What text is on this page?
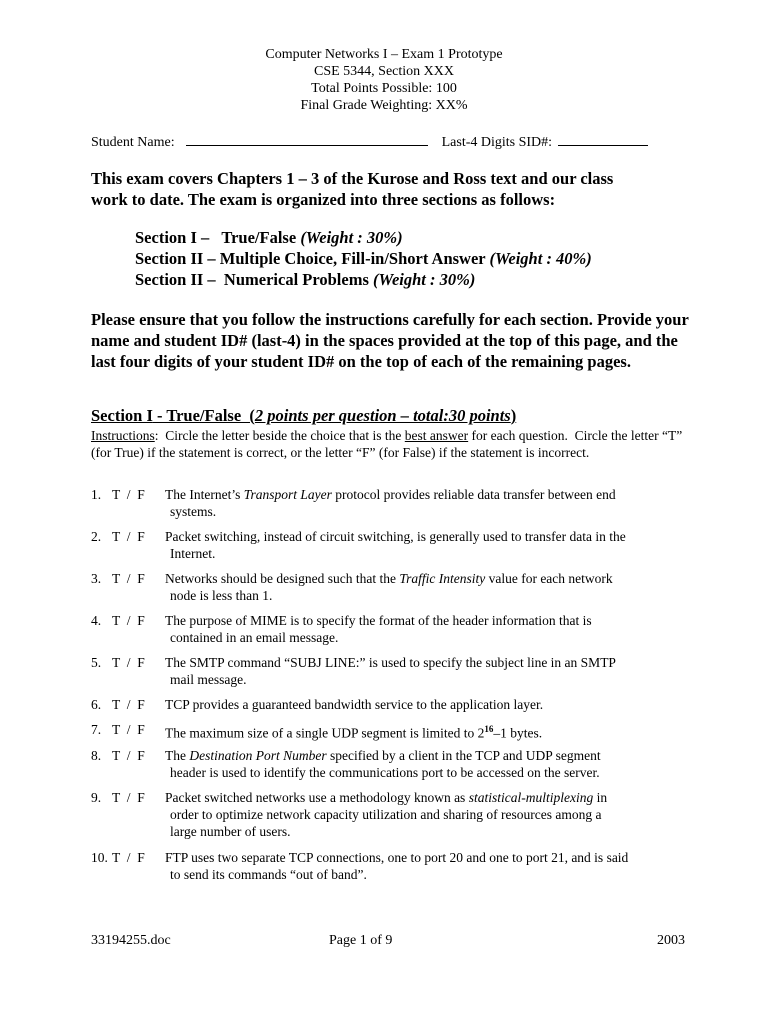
Computer Networks I – Exam 1 Prototype
CSE 5344, Section XXX
Total Points Possible: 100
Final Grade Weighting: XX%
Student Name:	Last-4 Digits SID#:
This exam covers Chapters 1 – 3 of the Kurose and Ross text and our class
work to date. The exam is organized into three sections as follows:
Section I –   True/False (Weight : 30%)
Section II – Multiple Choice, Fill-in/Short Answer (Weight : 40%)
Section II –  Numerical Problems (Weight : 30%)
Please ensure that you follow the instructions carefully for each section. Provide your name and student ID# (last-4) in the spaces provided at the top of this page, and the last four digits of your student ID# on the top of each of the remaining pages.
Section I - True/False  (2 points per question – total:30 points)
Instructions:  Circle the letter beside the choice that is the best answer for each question.  Circle the letter “T” (for True) if the statement is correct, or the letter “F” (for False) if the statement is incorrect.
1. T  /  F The Internet’s Transport Layer protocol provides reliable data transfer between end
systems.
2. T  /  F Packet switching, instead of circuit switching, is generally used to transfer data in the
Internet.
3. T  /  F Networks should be designed such that the Traffic Intensity value for each network
node is less than 1.
4. T  /  F The purpose of MIME is to specify the format of the header information that is
contained in an email message.
5. T  /  F The SMTP command “SUBJ LINE:” is used to specify the subject line in an SMTP
mail message.
6. T  /  F TCP provides a guaranteed bandwidth service to the application layer.
7. T  /  F The maximum size of a single UDP segment is limited to $2^{16}-1$ bytes.
8. T  /  F The Destination Port Number specified by a client in the TCP and UDP segment
header is used to identify the communications port to be accessed on the server.
9. T  /  F Packet switched networks use a methodology known as statistical-multiplexing in
order to optimize network capacity utilization and sharing of resources among a
large number of users.
10. T  /  F FTP uses two separate TCP connections, one to port 20 and one to port 21, and is said
to send its commands “out of band”.
33194255.doc	Page 1 of 9	2003
